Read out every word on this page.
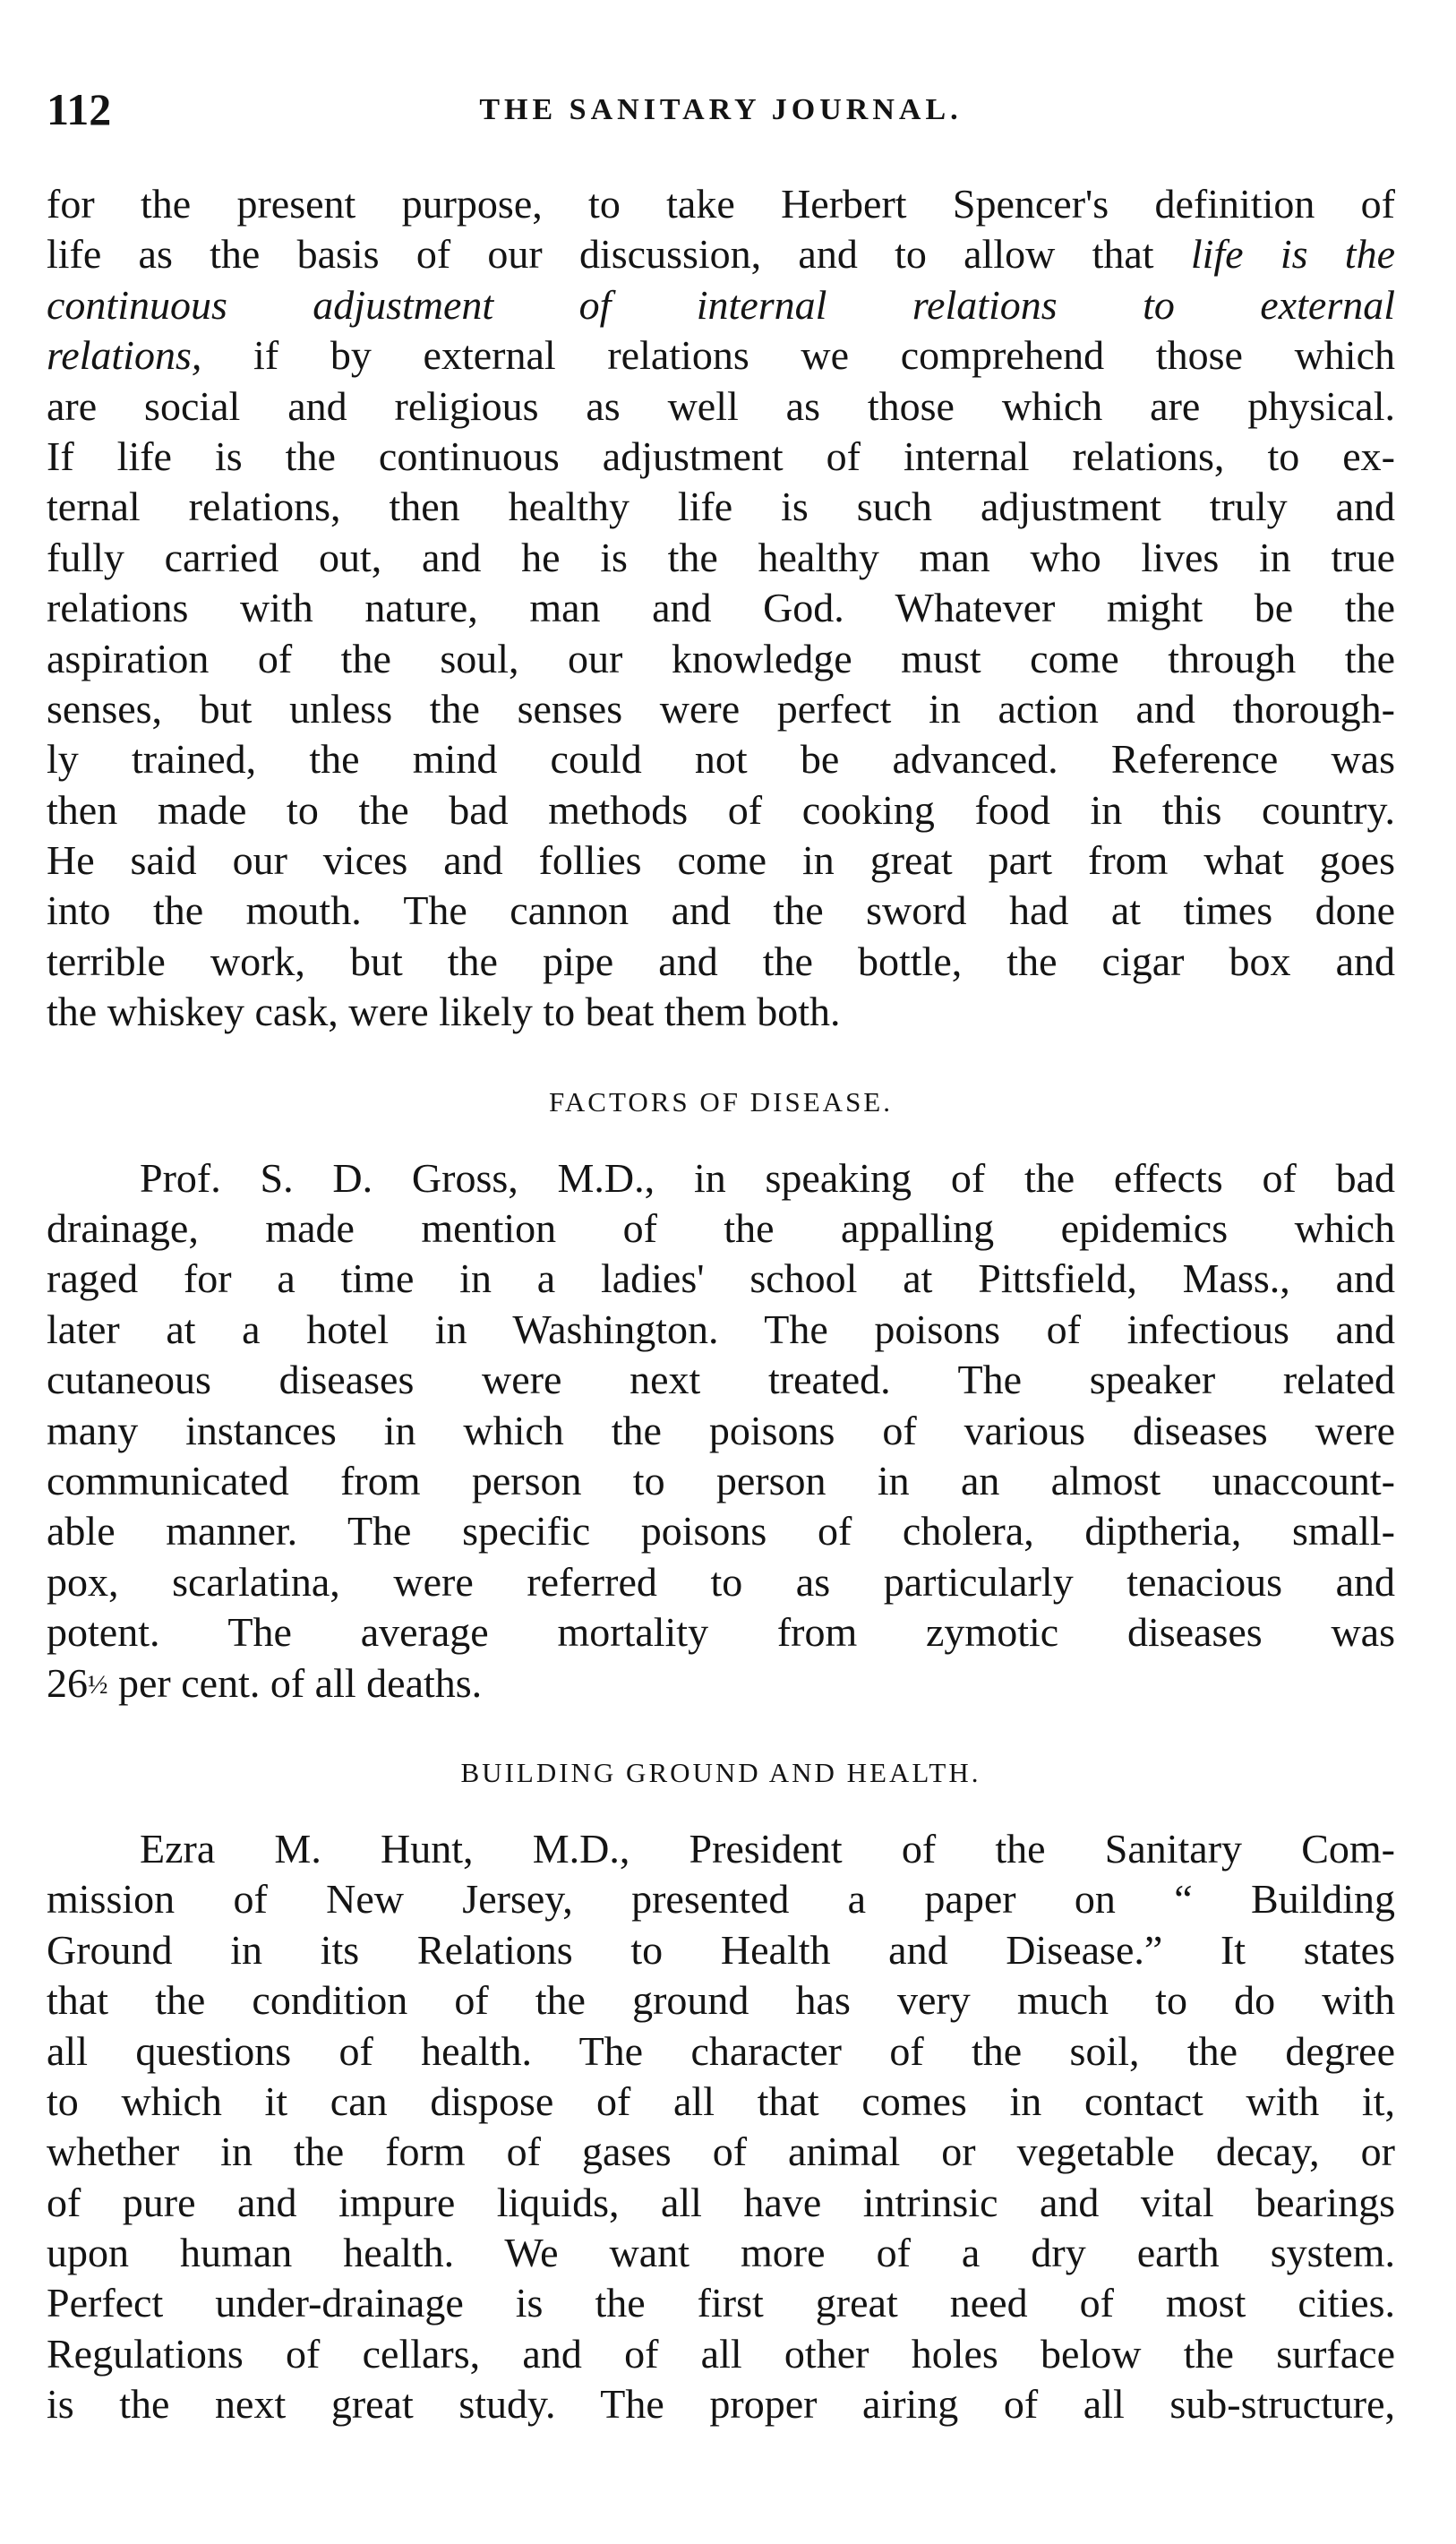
112	THE SANITARY JOURNAL.
for the present purpose, to take Herbert Spencer's definition of
life as the basis of our discussion, and to allow that life is the
continuous adjustment of internal relations to external
relations, if by external relations we comprehend those which
are social and religious as well as those which are physical.
If life is the continuous adjustment of internal relations, to ex-
ternal relations, then healthy life is such adjustment truly and
fully carried out, and he is the healthy man who lives in true
relations with nature, man and God. Whatever might be the
aspiration of the soul, our knowledge must come through the
senses, but unless the senses were perfect in action and thorough-
ly trained, the mind could not be advanced. Reference was
then made to the bad methods of cooking food in this country.
He said our vices and follies come in great part from what goes
into the mouth. The cannon and the sword had at times done
terrible work, but the pipe and the bottle, the cigar box and
the whiskey cask, were likely to beat them both.
FACTORS OF DISEASE.
Prof. S. D. Gross, M.D., in speaking of the effects of bad
drainage, made mention of the appalling epidemics which
raged for a time in a ladies' school at Pittsfield, Mass., and
later at a hotel in Washington. The poisons of infectious and
cutaneous diseases were next treated. The speaker related
many instances in which the poisons of various diseases were
communicated from person to person in an almost unaccount-
able manner. The specific poisons of cholera, diptheria, small-
pox, scarlatina, were referred to as particularly tenacious and
potent. The average mortality from zymotic diseases was
26½ per cent. of all deaths.
BUILDING GROUND AND HEALTH.
Ezra M. Hunt, M.D., President of the Sanitary Com-
mission of New Jersey, presented a paper on “ Building
Ground in its Relations to Health and Disease.” It states
that the condition of the ground has very much to do with
all questions of health. The character of the soil, the degree
to which it can dispose of all that comes in contact with it,
whether in the form of gases of animal or vegetable decay, or
of pure and impure liquids, all have intrinsic and vital bearings
upon human health. We want more of a dry earth system.
Perfect under-drainage is the first great need of most cities.
Regulations of cellars, and of all other holes below the surface
is the next great study. The proper airing of all sub-structure,
